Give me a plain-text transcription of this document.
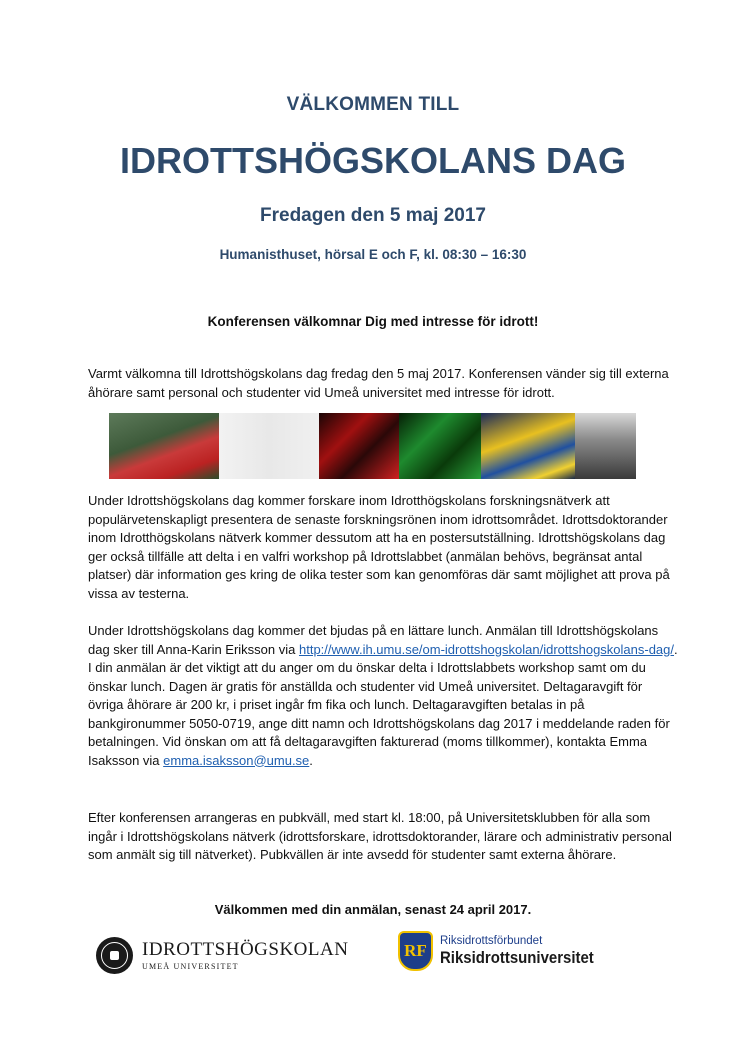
VÄLKOMMEN TILL
IDROTTSHÖGSKOLANS DAG
Fredagen den 5 maj 2017
Humanisthuset, hörsal E och F, kl. 08:30 – 16:30
Konferensen välkomnar Dig med intresse för idrott!

Varmt välkomna till Idrottshögskolans dag fredag den 5 maj 2017. Konferensen vänder sig till externa åhörare samt personal och studenter vid Umeå universitet med intresse för idrott.

LEDARE

Under Idrottshögskolans dag kommer forskare inom Idrotthögskolans forskningsnätverk att populärvetenskapligt presentera de senaste forskningsrönen inom idrottsområdet. Idrottsdoktorander inom Idrotthögskolans nätverk kommer dessutom att ha en postersutställning. Idrottshögskolans dag ger också tillfälle att delta i en valfri workshop på Idrottslabbet (anmälan behövs, begränsat antal platser) där information ges kring de olika tester som kan genomföras där samt möjlighet att prova på vissa av testerna.

Under Idrottshögskolans dag kommer det bjudas på en lättare lunch. Anmälan till Idrottshögskolans dag sker till Anna-Karin Eriksson via http://www.ih.umu.se/om-idrottshogskolan/idrottshogskolans-dag/. I din anmälan är det viktigt att du anger om du önskar delta i Idrottslabbets workshop samt om du önskar lunch. Dagen är gratis för anställda och studenter vid Umeå universitet. Deltagaravgift för övriga åhörare är 200 kr, i priset ingår fm fika och lunch. Deltagaravgiften betalas in på bankgironummer 5050-0719, ange ditt namn och Idrottshögskolans dag 2017 i meddelande raden för betalningen. Vid önskan om att få deltagaravgiften fakturerad (moms tillkommer), kontakta Emma Isaksson via emma.isaksson@umu.se.

Efter konferensen arrangeras en pubkväll, med start kl. 18:00, på Universitetsklubben för alla som ingår i Idrottshögskolans nätverk (idrottsforskare, idrottsdoktorander, lärare och administrativ personal som anmält sig till nätverket). Pubkvällen är inte avsedd för studenter samt externa åhörare.

Välkommen med din anmälan, senast 24 april 2017.
IDROTTSHÖGSKOLAN
UMEÅ UNIVERSITET
RF Riksidrottsförbundet
Riksidrottsuniversitet
